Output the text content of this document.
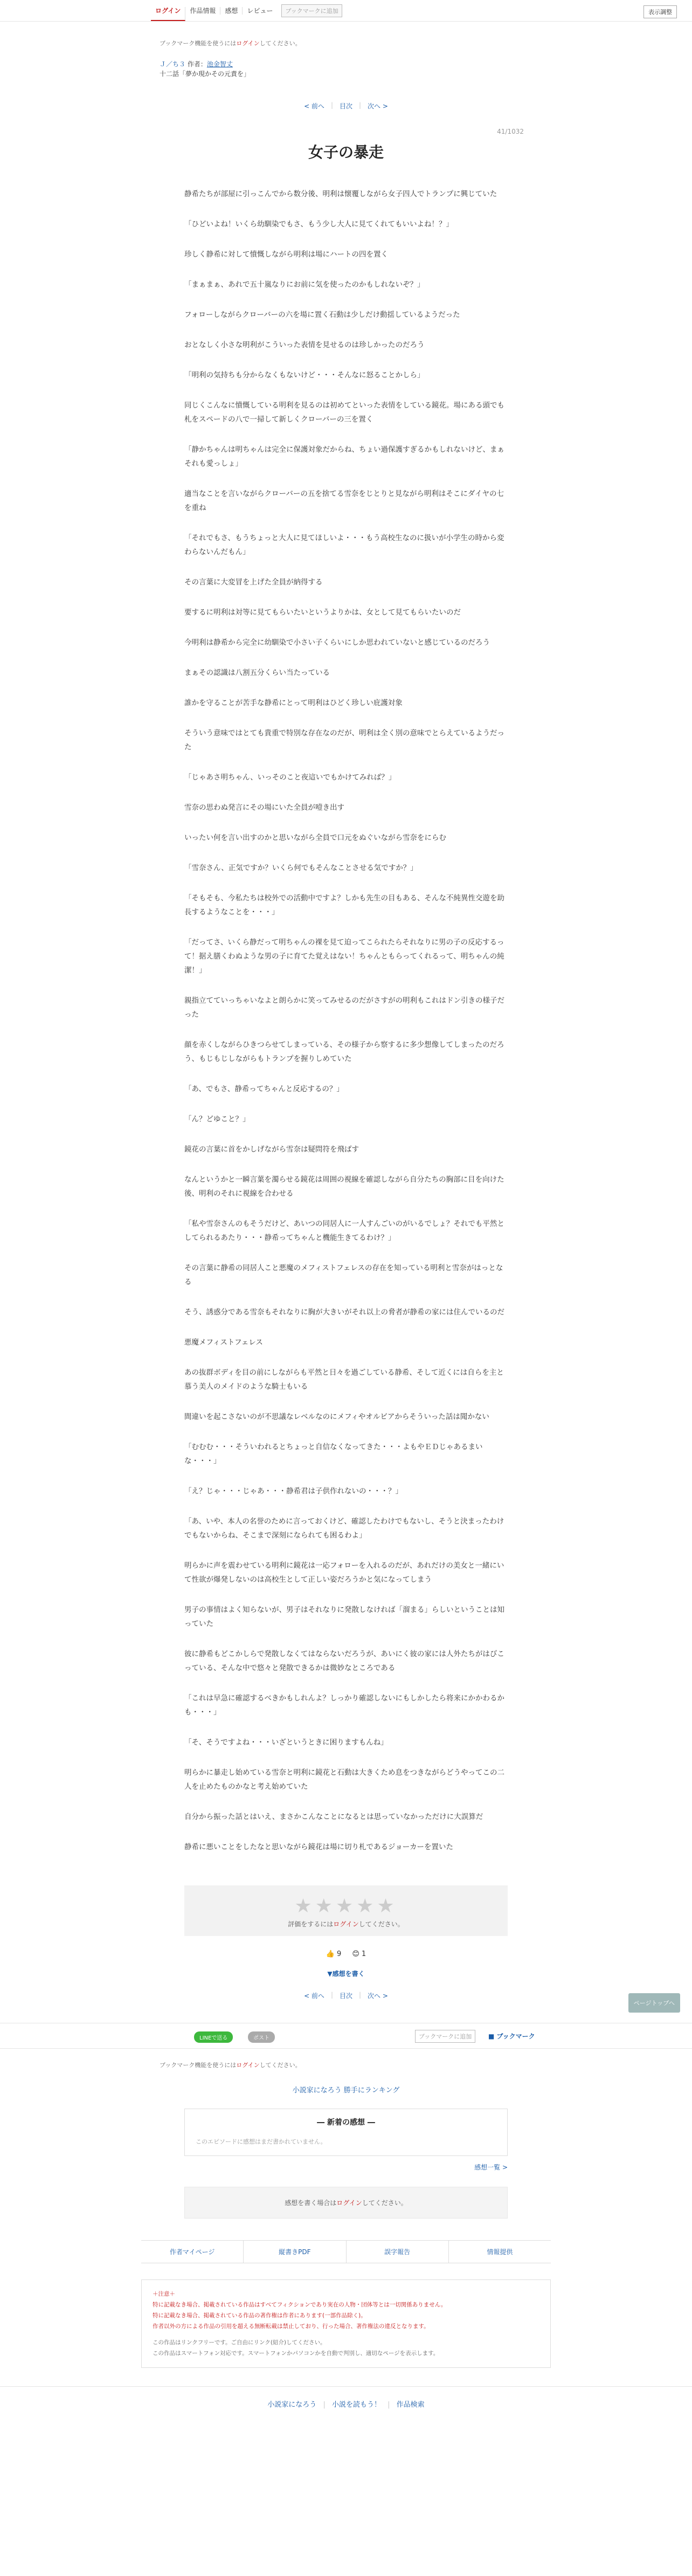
ログイン	作品情報	感想	レビュー	ブックマークに追加	表示調整
ブックマーク機能を使うにはログインしてください。
Ｊ／ち３ 作者：池金智丈
十二話「夢か現かその元責を」
< 前へ | 目次 | 次へ >
41/1032
女子の暴走

静希たちが部屋に引っこんでから数分後、明利は懐覆しながら女子四人でトランプに興じていた

「ひどいよね！いくら幼馴染でもさ、もう少し大人に見てくれてもいいよね！？」

珍しく静希に対して憤慨しながら明利は場にハートの四を置く

「まぁまぁ、あれで五十嵐なりにお前に気を使ったのかもしれないぞ？」

フォローしながらクローバーの六を場に置く石動は少しだけ動揺しているようだった

おとなしく小さな明利がこういった表情を見せるのは珍しかったのだろう

「明利の気持ちも分からなくもないけど・・・そんなに怒ることかしら」

同じくこんなに憤慨している明利を見るのは初めてといった表情をしている鏡花。場にある頭でも札をスペードの八で一掃して新しくクローバーの三を置く

「静かちゃんは明ちゃんは完全に保護対象だからね、ちょい過保護すぎるかもしれないけど、まぁそれも愛っしょ」

適当なことを言いながらクローバーの五を捨てる雪奈をじとりと見ながら明利はそこにダイヤの七を重ね

「それでもさ、もうちょっと大人に見てほしいよ・・・もう高校生なのに扱いが小学生の時から変わらないんだもん」

その言葉に大変冒を上げた全員が納得する

要するに明利は対等に見てもらいたいというよりかは、女として見てもらいたいのだ

今明利は静希から完全に幼馴染で小さい子くらいにしか思われていないと感じているのだろう

まぁその認識は八割五分くらい当たっている

誰かを守ることが苦手な静希にとって明利はひどく珍しい庇護対象

そういう意味ではとても貴重で特別な存在なのだが、明利は全く別の意味でとらえているようだった

「じゃあさ明ちゃん、いっそのこと夜這いでもかけてみれば？」

雪奈の思わぬ発言にその場にいた全員が噎き出す

いったい何を言い出すのかと思いながら全員で口元をぬぐいながら雪奈をにらむ

「雪奈さん、正気ですか？いくら何でもそんなことさせる気ですか？」

「そもそも、今私たちは校外での活動中ですよ？しかも先生の目もある、そんな不純異性交遊を助長するようなことを・・・」

「だってさ、いくら静だって明ちゃんの裸を見て迫ってこられたらそれなりに男の子の反応するって！据え膳くわぬような男の子に育てた覚えはない！ちゃんともらってくれるって、明ちゃんの純潔！」

親指立てていっちゃいなよと朗らかに笑ってみせるのだがさすがの明利もこれはドン引きの様子だった

顔を赤くしながらひきつらせてしまっている、その様子から察するに多少想像してしまったのだろう、もじもじしながらもトランプを握りしめていた

「あ、でもさ、静希ってちゃんと反応するの？」

「ん？どゆこと？」

鏡花の言葉に首をかしげながら雪奈は疑問符を飛ばす

なんというかと一瞬言葉を濁らせる鏡花は周囲の視線を確認しながら自分たちの胸部に目を向けた後、明利のそれに視線を合わせる

「私や雪奈さんのもそうだけど、あいつの同居人に一人すんごいのがいるでしょ？それでも平然としてられるあたり・・・静希ってちゃんと機能生きてるわけ？」

その言葉に静希の同居人こと悪魔のメフィストフェレスの存在を知っている明利と雪奈がはっとなる

そう、誘惑分である雪奈もそれなりに胸が大きいがそれ以上の脅者が静希の家には住んでいるのだ

悪魔メフィストフェレス

あの抜群ボディを目の前にしながらも平然と日々を過ごしている静希、そして近くには自らを主と慕う美人のメイドのような騎士もいる

間違いを起こさないのが不思議なレベルなのにメフィやオルビアからそういった話は聞かない

「むむむ・・・そういわれるとちょっと自信なくなってきた・・・よもやＥＤじゃあるまいな・・・」

「え？じゃ・・・じゃあ・・・静希君は子供作れないの・・・？」

「あ、いや、本人の名誉のために言っておくけど、確認したわけでもないし、そうと決まったわけでもないからね、そこまで深刻になられても困るわよ」

明らかに声を震わせている明利に鏡花は一応フォローを入れるのだが、あれだけの美女と一緒にいて性欲が爆発しないのは高校生として正しい姿だろうかと気になってしまう

男子の事情はよく知らないが、男子はそれなりに発散しなければ「溜まる」らしいということは知っていた

彼に静希もどこかしらで発散しなくてはならないだろうが、あいにく彼の家には人外たちがはびこっている、そんな中で悠々と発散できるかは微妙なところである

「これは早急に確認するべきかもしれんよ？しっかり確認しないにもしかしたら将来にかかわるかも・・・」

「そ、そうですよね・・・いざというときに困りますもんね」

明らかに暴走し始めている雪奈と明利に鏡花と石動は大きくため息をつきながらどうやってこの二人を止めたものかなと考え始めていた

自分から振った話とはいえ、まさかこんなことになるとは思っていなかっただけに大誤算だ

静希に悪いことをしたなと思いながら鏡花は場に切り札であるジョーカーを置いた

ページトップへ
★★★★★
評価をするにはログインしてください。
👍 9 😊 1
▼感想を書く
< 前へ | 目次 | 次へ >
LINEで送る	ポスト	ブックマークに追加	■ ブックマーク
ブックマーク機能を使うにはログインしてください。
小説家になろう 勝手にランキング
― 新着の感想 ―
このエピソードに感想はまだ書かれていません。
感想一覧 >
感想を書く場合はログインしてください。
作者マイページ	縦書きPDF	誤字報告	情報提供
＋注意＋
特に記載なき場合、掲載されている作品はすべてフィクションであり実在の人物・団体等とは一切関係ありません。
特に記載なき場合、掲載されている作品の著作権は作者にあります(一部作品除く)。
作者以外の方による作品の引用を超える無断転載は禁止しており、行った場合、著作権法の違反となります。
この作品はリンクフリーです。ご自由にリンク(紹介)してください。
この作品はスマートフォン対応です。スマートフォンかパソコンかを自動で判別し、適切なページを表示します。
小説家になろう | 小説を読もう！ | 作品検索
